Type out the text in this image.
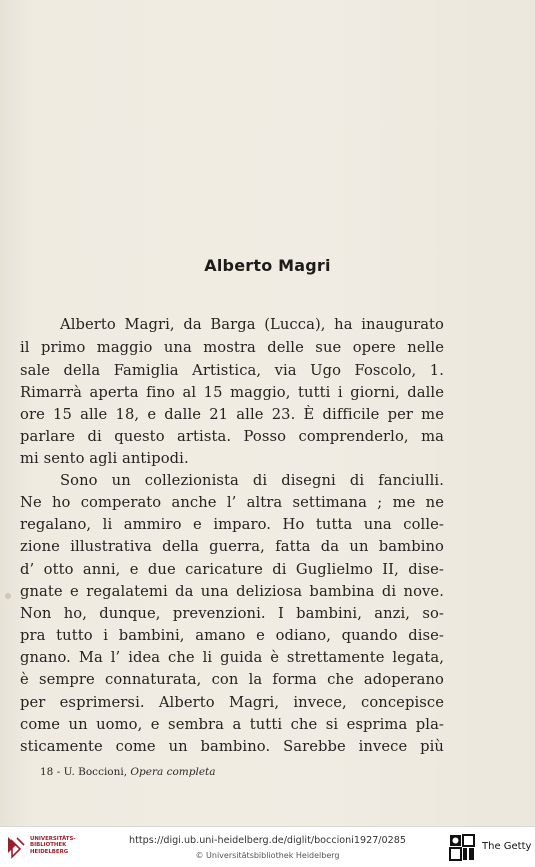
Alberto Magri
Alberto Magri, da Barga (Lucca), ha inaugurato
il primo maggio una mostra delle sue opere nelle
sale della Famiglia Artistica, via Ugo Foscolo, 1.
Rimarrà aperta fino al 15 maggio, tutti i giorni, dalle
ore 15 alle 18, e dalle 21 alle 23. È difficile per me
parlare di questo artista. Posso comprenderlo, ma
mi sento agli antipodi.
Sono un collezionista di disegni di fanciulli.
Ne ho comperato anche l’ altra settimana ; me ne
regalano, li ammiro e imparo. Ho tutta una colle-
zione illustrativa della guerra, fatta da un bambino
d’ otto anni, e due caricature di Guglielmo II, dise-
gnate e regalatemi da una deliziosa bambina di nove.
Non ho, dunque, prevenzioni. I bambini, anzi, so-
pra tutto i bambini, amano e odiano, quando dise-
gnano. Ma l’ idea che li guida è strettamente legata,
è sempre connaturata, con la forma che adoperano
per esprimersi. Alberto Magri, invece, concepisce
come un uomo, e sembra a tutti che si esprima pla-
sticamente come un bambino. Sarebbe invece più
18 - U. Boccioni, Opera completa
UNIVERSITÄTS-
BIBLIOTHEK
HEIDELBERG
https://digi.ub.uni-heidelberg.de/diglit/boccioni1927/0285
© Universitätsbibliothek Heidelberg
The Getty
